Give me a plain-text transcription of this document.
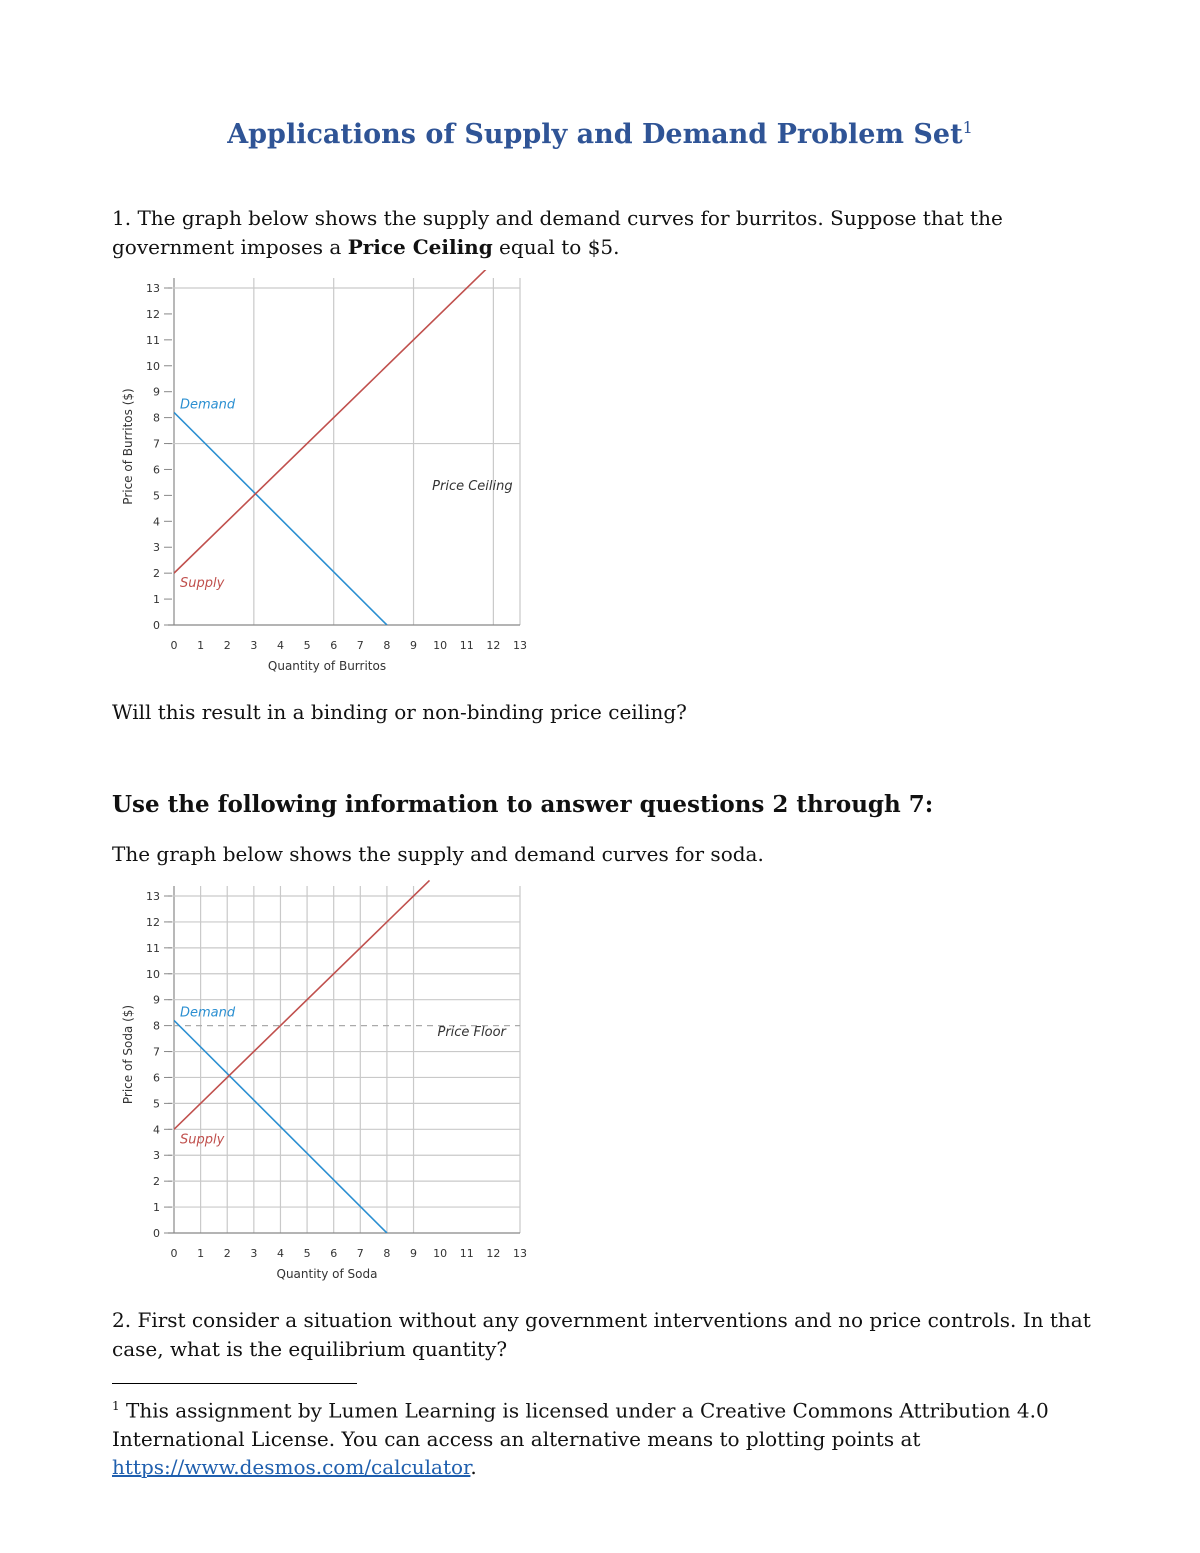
Applications of Supply and Demand Problem Set$^1$
1. The graph below shows the supply and demand curves for burritos. Suppose that the government imposes a Price Ceiling equal to $5.
0 1 2 3 4 5 6 7 8 9 10 11 12 13
0
1
2
3
4
5
6
7
8
9
10
11
12
13
Quantity of Burritos
Price of Burritos ($)	Demand
Supply
Price Ceiling
Will this result in a binding or non-binding price ceiling?
Use the following information to answer questions 2 through 7:
The graph below shows the supply and demand curves for soda.
0 1 2 3 4 5 6 7 8 9 10 11 12 13
0
1
2
3
4
5
6
7
8
9
10
11
12
13
Quantity of Soda
Price of Soda ($)	Demand
Supply
Price Floor
2. First consider a situation without any government interventions and no price controls. In that case, what is the equilibrium quantity?
$^1$ This assignment by Lumen Learning is licensed under a Creative Commons Attribution 4.0 International License. You can access an alternative means to plotting points at https://www.desmos.com/calculator.
